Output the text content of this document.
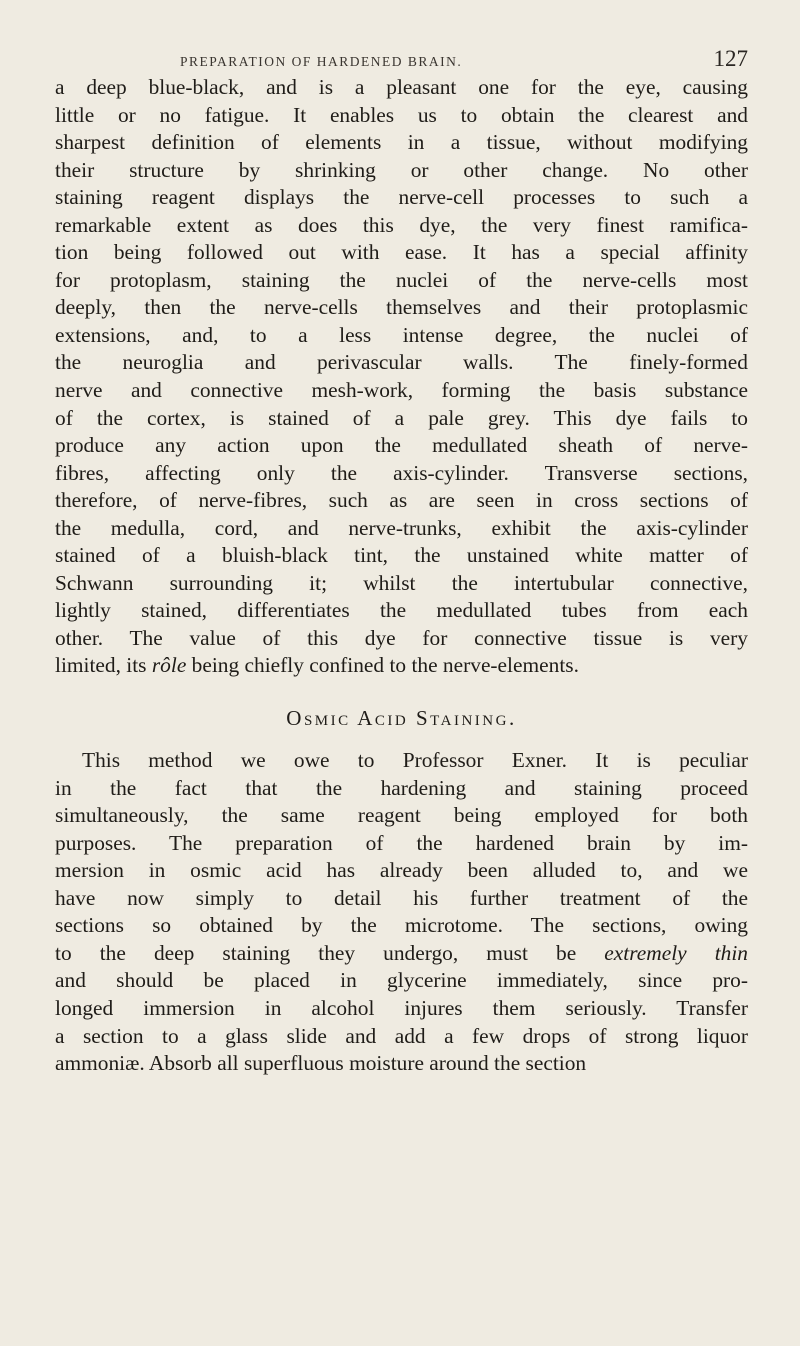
PREPARATION OF HARDENED BRAIN.	127

a deep blue-black, and is a pleasant one for the eye, causing
little or no fatigue. It enables us to obtain the clearest and
sharpest definition of elements in a tissue, without modifying
their structure by shrinking or other change. No other
staining reagent displays the nerve-cell processes to such a
remarkable extent as does this dye, the very finest ramifica-
tion being followed out with ease. It has a special affinity
for protoplasm, staining the nuclei of the nerve-cells most
deeply, then the nerve-cells themselves and their protoplasmic
extensions, and, to a less intense degree, the nuclei of
the neuroglia and perivascular walls. The finely-formed
nerve and connective mesh-work, forming the basis substance
of the cortex, is stained of a pale grey. This dye fails to
produce any action upon the medullated sheath of nerve-
fibres, affecting only the axis-cylinder. Transverse sections,
therefore, of nerve-fibres, such as are seen in cross sections of
the medulla, cord, and nerve-trunks, exhibit the axis-cylinder
stained of a bluish-black tint, the unstained white matter of
Schwann surrounding it; whilst the intertubular connective,
lightly stained, differentiates the medullated tubes from each
other. The value of this dye for connective tissue is very
limited, its rôle being chiefly confined to the nerve-elements.

Osmic Acid Staining.

This method we owe to Professor Exner. It is peculiar
in the fact that the hardening and staining proceed
simultaneously, the same reagent being employed for both
purposes. The preparation of the hardened brain by im-
mersion in osmic acid has already been alluded to, and we
have now simply to detail his further treatment of the
sections so obtained by the microtome. The sections, owing
to the deep staining they undergo, must be extremely thin
and should be placed in glycerine immediately, since pro-
longed immersion in alcohol injures them seriously. Transfer
a section to a glass slide and add a few drops of strong liquor
ammoniæ. Absorb all superfluous moisture around the section
